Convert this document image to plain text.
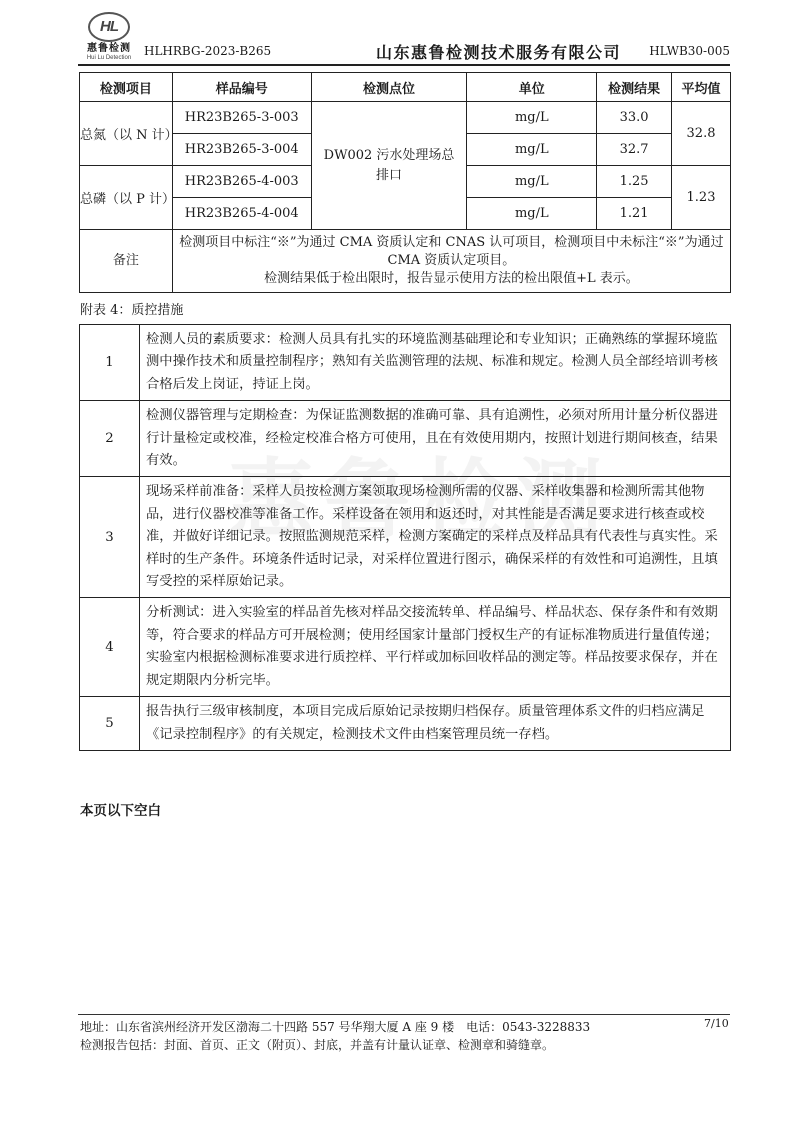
HL
惠鲁检测
Hui Lu Detection	HLHRBG-2023-B265	山东惠鲁检测技术服务有限公司 HLWB30-005
检测项目	样品编号	检测点位	单位	检测结果	平均值
总氮（以 N 计）	HR23B265-3-003	DW002 污水处理场总排口	mg/L	33.0	32.8
	HR23B265-3-004		mg/L	32.7	
总磷（以 P 计）	HR23B265-4-003		mg/L	1.25	1.23
	HR23B265-4-004		mg/L	1.21	
备注	检测项目中标注“※”为通过 CMA 资质认定和 CNAS 认可项目，检测项目中未标注“※”为通过 CMA 资质认定项目。
检测结果低于检出限时，报告显示使用方法的检出限值+L 表示。				
附表 4：质控措施
1	检测人员的素质要求：检测人员具有扎实的环境监测基础理论和专业知识；正确熟练的掌握环境监测中操作技术和质量控制程序；熟知有关监测管理的法规、标准和规定。检测人员全部经培训考核合格后发上岗证，持证上岗。
2	检测仪器管理与定期检查：为保证监测数据的准确可靠、具有追溯性，必须对所用计量分析仪器进行计量检定或校准，经检定校准合格方可使用，且在有效使用期内，按照计划进行期间核查，结果有效。
3	现场采样前准备：采样人员按检测方案领取现场检测所需的仪器、采样收集器和检测所需其他物品，进行仪器校准等准备工作。采样设备在领用和返还时，对其性能是否满足要求进行核查或校准，并做好详细记录。按照监测规范采样，检测方案确定的采样点及样品具有代表性与真实性。采样时的生产条件。环境条件适时记录，对采样位置进行图示，确保采样的有效性和可追溯性，且填写受控的采样原始记录。
4	分析测试：进入实验室的样品首先核对样品交接流转单、样品编号、样品状态、保存条件和有效期等，符合要求的样品方可开展检测；使用经国家计量部门授权生产的有证标准物质进行量值传递；实验室内根据检测标准要求进行质控样、平行样或加标回收样品的测定等。样品按要求保存，并在规定期限内分析完毕。
5	报告执行三级审核制度，本项目完成后原始记录按期归档保存。质量管理体系文件的归档应满足《记录控制程序》的有关规定，检测技术文件由档案管理员统一存档。
本页以下空白
地址：山东省滨州经济开发区渤海二十四路 557 号华翔大厦 A 座 9 楼　电话：0543-3228833	7/10
检测报告包括：封面、首页、正文（附页）、封底，并盖有计量认证章、检测章和骑缝章。
